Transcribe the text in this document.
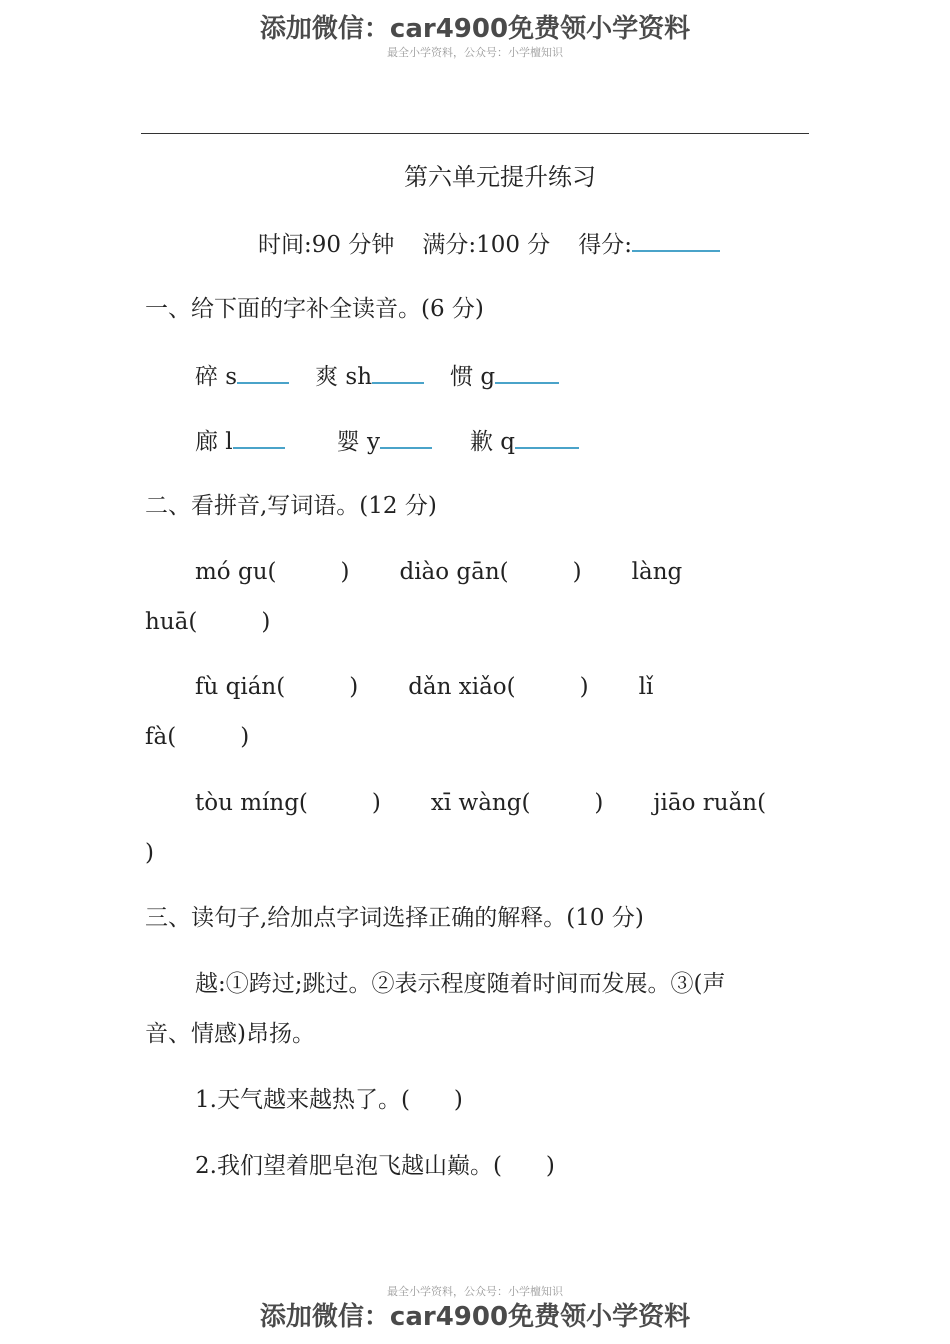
添加微信：car4900免费领小学资料
最全小学资料，公众号：小学檀知识
第六单元提升练习
时间:90 分钟 满分:100 分 得分:
一、给下面的字补全读音。(6 分)
碎 s	爽 sh	惯 g
廊 l	婴 y	歉 q
二、看拼音,写词语。(12 分)
mó gu(	) diào gān(	) làng
huā(	)
fù qián(	) dǎn xiǎo(	) lǐ
fà(	)
tòu míng(	) xī wàng(	) jiāo ruǎn(
)
三、读句子,给加点字词选择正确的解释。(10 分)
越:①跨过;跳过。②表示程度随着时间而发展。③(声
音、情感)昂扬。
1.天气越来越热了。( )
2.我们望着肥皂泡飞越山巅。( )
最全小学资料，公众号：小学檀知识
添加微信：car4900免费领小学资料
